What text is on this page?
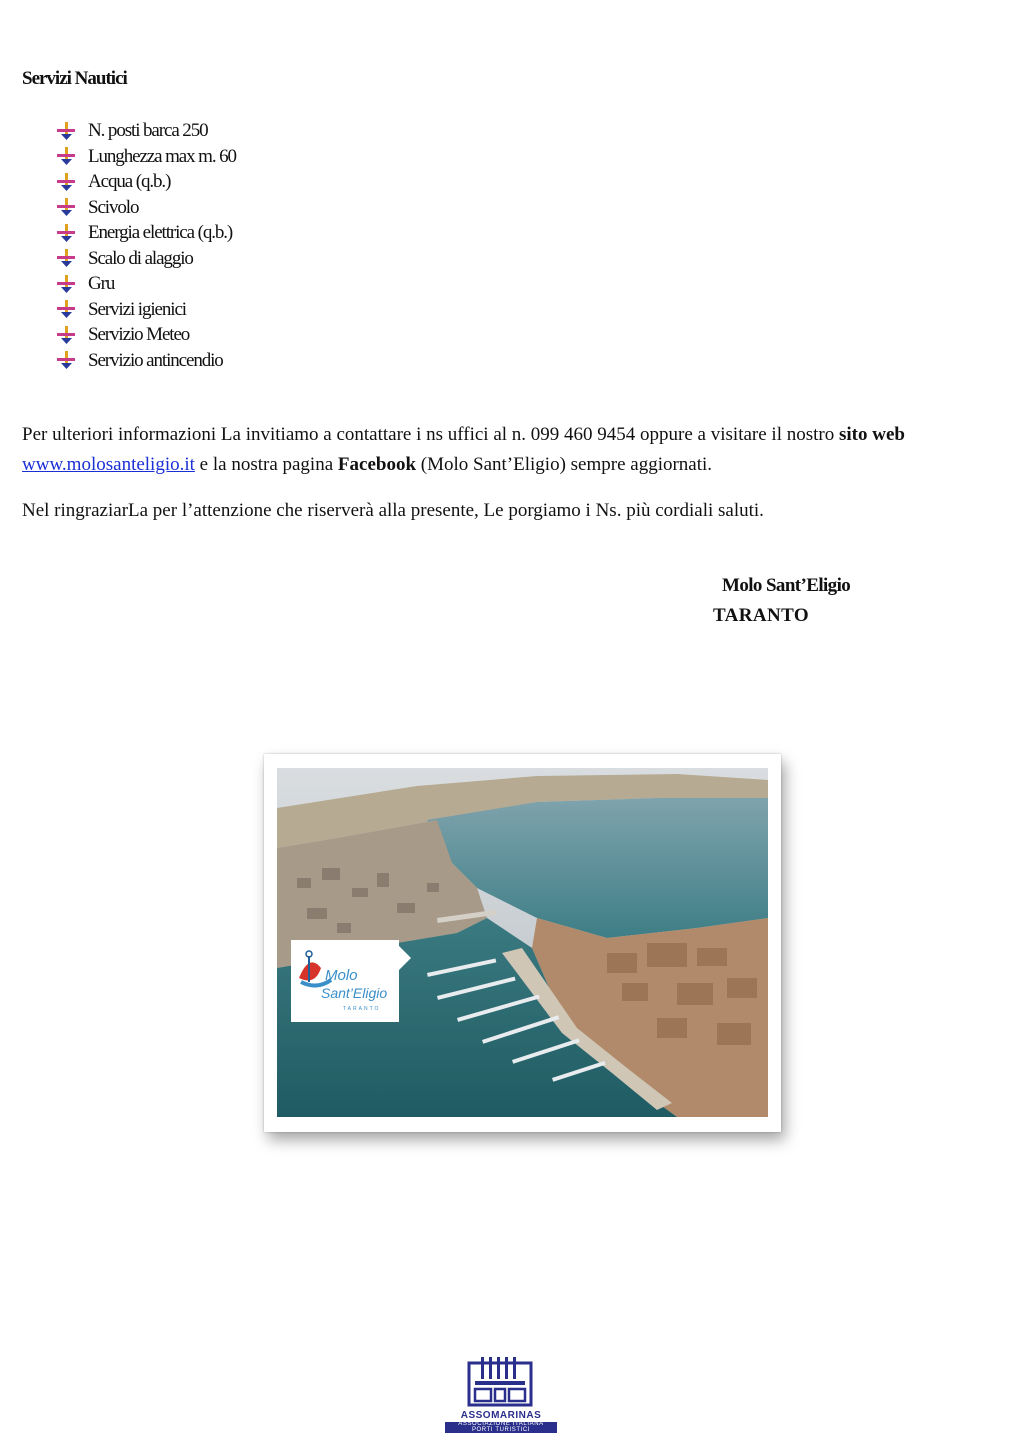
Servizi Nautici
N. posti barca 250
Lunghezza max m. 60
Acqua (q.b.)
Scivolo
Energia elettrica (q.b.)
Scalo di alaggio
Gru
Servizi igienici
Servizio Meteo
Servizio antincendio

Per ulteriori informazioni La invitiamo a contattare i ns uffici al n. 099 460 9454 oppure a visitare il nostro sito web www.molosanteligio.it e la nostra pagina Facebook (Molo Sant’Eligio) sempre aggiornati.

Nel ringraziarLa per l’attenzione che riserverà alla presente, Le porgiamo i Ns. più cordiali saluti.

Molo Sant’Eligio
TARANTO
Molo
Sant’Eligio
TARANTO
ASSOMARINAS
ASSOCIAZIONE ITALIANA
PORTI TURISTICI
